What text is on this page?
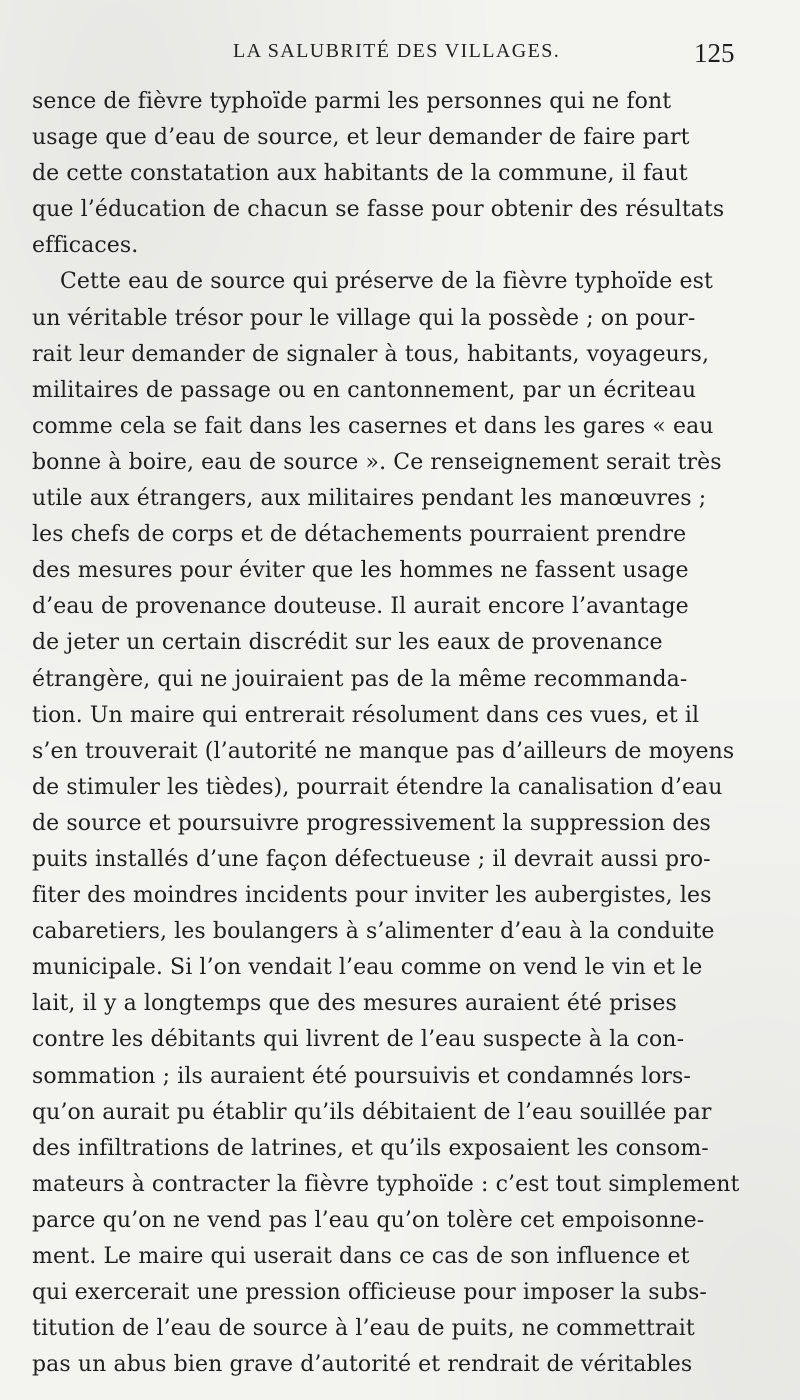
LA SALUBRITÉ DES VILLAGES.	125
sence de fièvre typhoïde parmi les personnes qui ne font
usage que d’eau de source, et leur demander de faire part
de cette constatation aux habitants de la commune, il faut
que l’éducation de chacun se fasse pour obtenir des résultats
efficaces.
Cette eau de source qui préserve de la fièvre typhoïde est
un véritable trésor pour le village qui la possède ; on pour-
rait leur demander de signaler à tous, habitants, voyageurs,
militaires de passage ou en cantonnement, par un écriteau
comme cela se fait dans les casernes et dans les gares « eau
bonne à boire, eau de source ». Ce renseignement serait très
utile aux étrangers, aux militaires pendant les manœuvres ;
les chefs de corps et de détachements pourraient prendre
des mesures pour éviter que les hommes ne fassent usage
d’eau de provenance douteuse. Il aurait encore l’avantage
de jeter un certain discrédit sur les eaux de provenance
étrangère, qui ne jouiraient pas de la même recommanda-
tion. Un maire qui entrerait résolument dans ces vues, et il
s’en trouverait (l’autorité ne manque pas d’ailleurs de moyens
de stimuler les tièdes), pourrait étendre la canalisation d’eau
de source et poursuivre progressivement la suppression des
puits installés d’une façon défectueuse ; il devrait aussi pro-
fiter des moindres incidents pour inviter les aubergistes, les
cabaretiers, les boulangers à s’alimenter d’eau à la conduite
municipale. Si l’on vendait l’eau comme on vend le vin et le
lait, il y a longtemps que des mesures auraient été prises
contre les débitants qui livrent de l’eau suspecte à la con-
sommation ; ils auraient été poursuivis et condamnés lors-
qu’on aurait pu établir qu’ils débitaient de l’eau souillée par
des infiltrations de latrines, et qu’ils exposaient les consom-
mateurs à contracter la fièvre typhoïde : c’est tout simplement
parce qu’on ne vend pas l’eau qu’on tolère cet empoisonne-
ment. Le maire qui userait dans ce cas de son influence et
qui exercerait une pression officieuse pour imposer la subs-
titution de l’eau de source à l’eau de puits, ne commettrait
pas un abus bien grave d’autorité et rendrait de véritables
